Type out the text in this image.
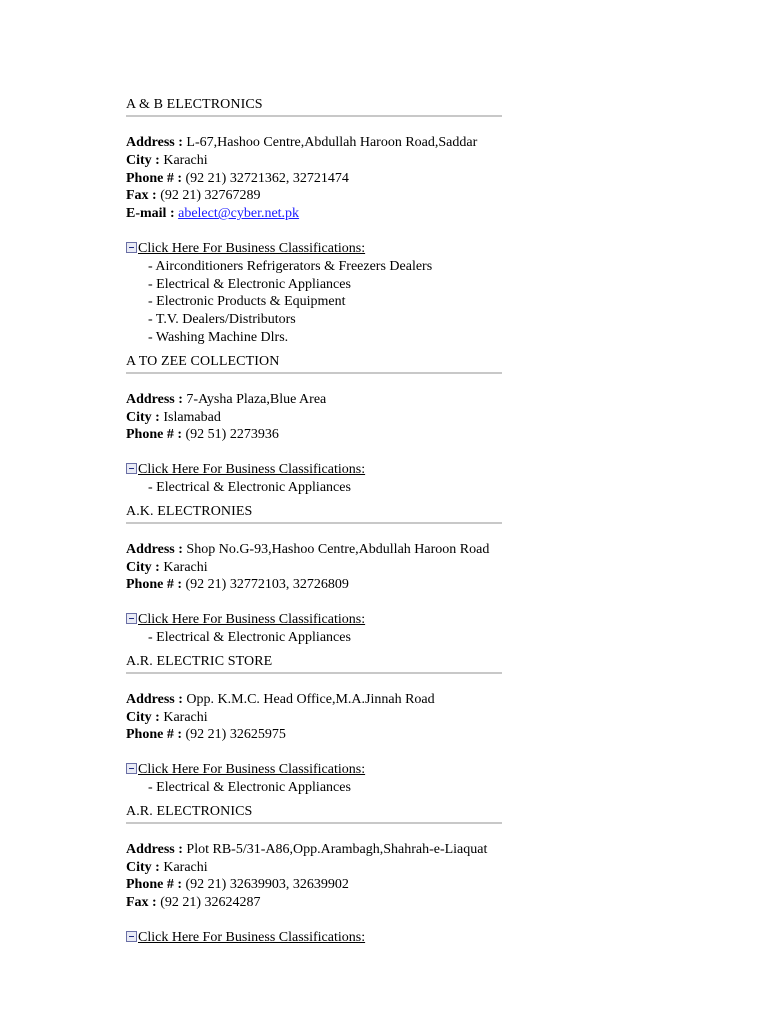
A & B ELECTRONICS
Address : L-67,Hashoo Centre,Abdullah Haroon Road,Saddar
City : Karachi
Phone # : (92 21) 32721362, 32721474
Fax : (92 21) 32767289
E-mail : abelect@cyber.net.pk
Click Here For Business Classifications:
- Airconditioners Refrigerators & Freezers Dealers
- Electrical & Electronic Appliances
- Electronic Products & Equipment
- T.V. Dealers/Distributors
- Washing Machine Dlrs.
A TO ZEE COLLECTION
Address : 7-Aysha Plaza,Blue Area
City : Islamabad
Phone # : (92 51) 2273936
Click Here For Business Classifications:
- Electrical & Electronic Appliances
A.K. ELECTRONIES
Address : Shop No.G-93,Hashoo Centre,Abdullah Haroon Road
City : Karachi
Phone # : (92 21) 32772103, 32726809
Click Here For Business Classifications:
- Electrical & Electronic Appliances
A.R. ELECTRIC STORE
Address : Opp. K.M.C. Head Office,M.A.Jinnah Road
City : Karachi
Phone # : (92 21) 32625975
Click Here For Business Classifications:
- Electrical & Electronic Appliances
A.R. ELECTRONICS
Address : Plot RB-5/31-A86,Opp.Arambagh,Shahrah-e-Liaquat
City : Karachi
Phone # : (92 21) 32639903, 32639902
Fax : (92 21) 32624287
Click Here For Business Classifications:
